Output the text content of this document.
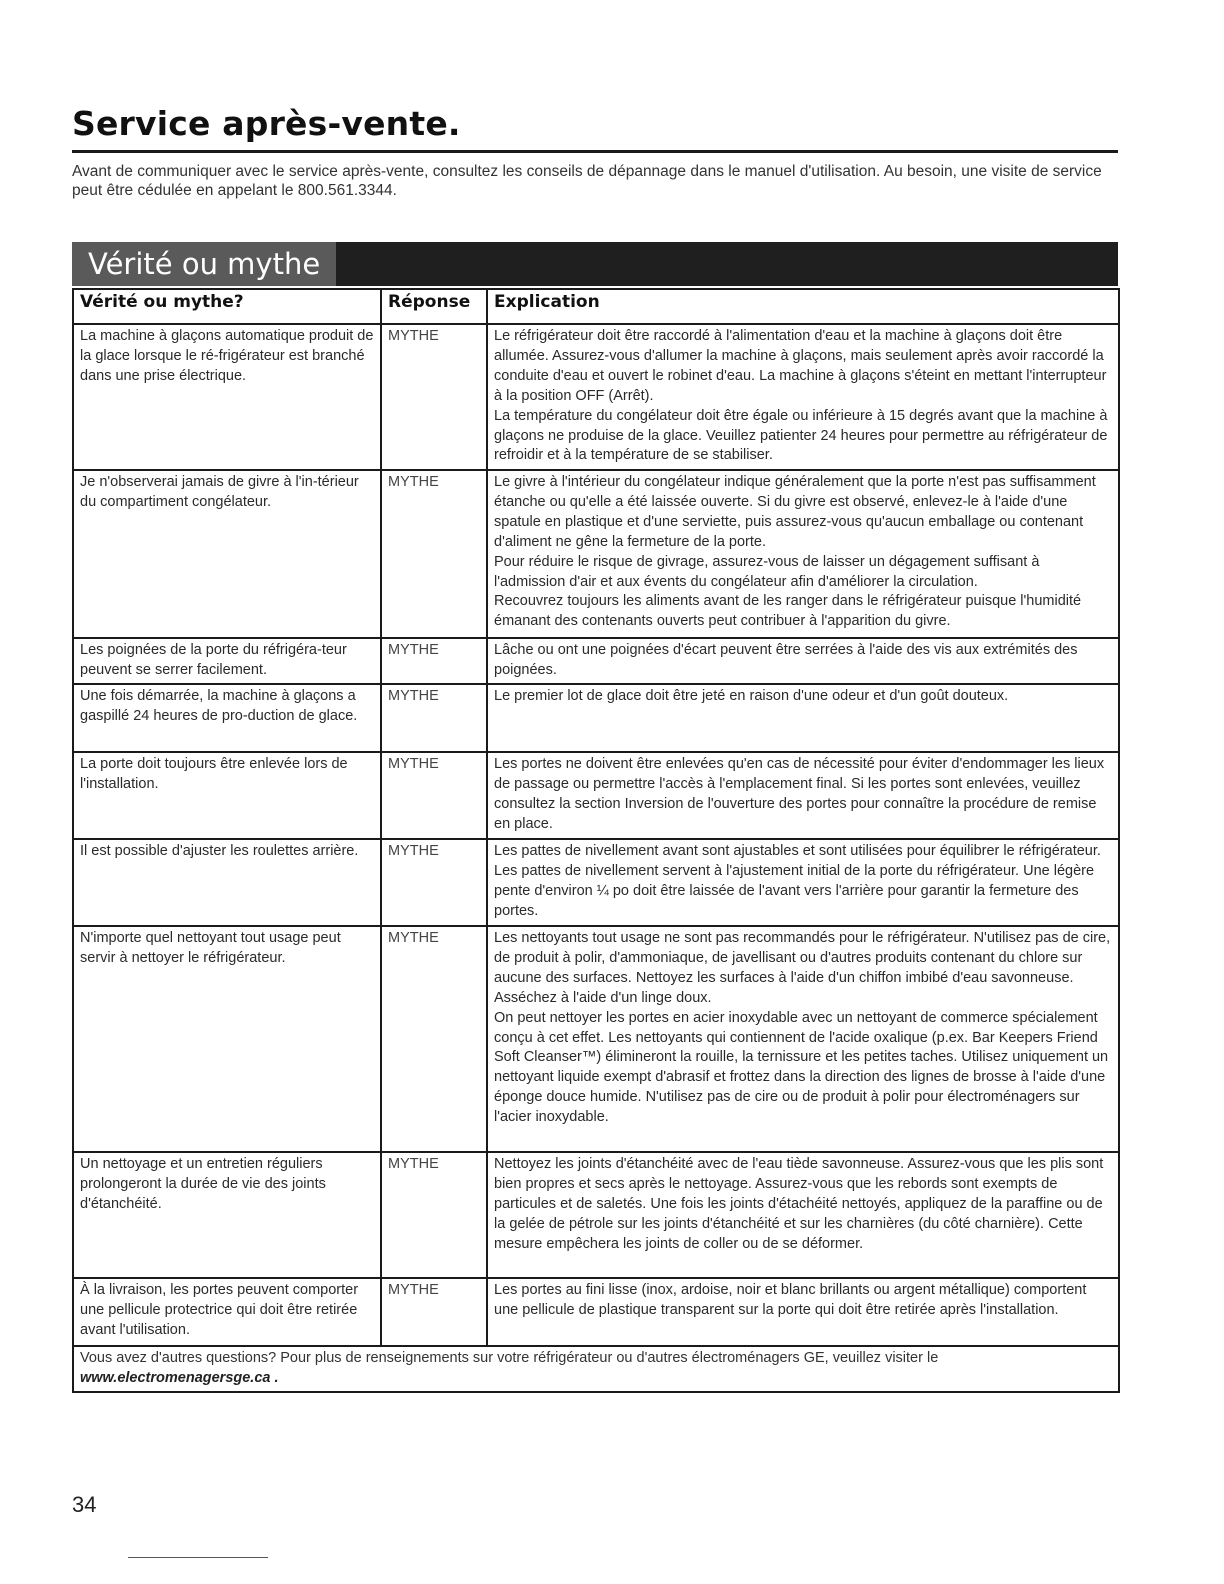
Service après-vente.

Avant de communiquer avec le service après-vente, consultez les conseils de dépannage dans le manuel d'utilisation. Au besoin, une visite de service peut être cédulée en appelant le 800.561.3344.

Vérité ou mythe
Vérité ou mythe?	Réponse	Explication
La machine à glaçons automatique produit de la glace lorsque le ré-frigérateur est branché dans une prise électrique.	MYTHE	Le réfrigérateur doit être raccordé à l'alimentation d'eau et la machine à glaçons doit être allumée. Assurez-vous d'allumer la machine à glaçons, mais seulement après avoir raccordé la conduite d'eau et ouvert le robinet d'eau. La machine à glaçons s'éteint en mettant l'interrupteur à la position OFF (Arrêt).
La température du congélateur doit être égale ou inférieure à 15 degrés avant que la machine à glaçons ne produise de la glace. Veuillez patienter 24 heures pour permettre au réfrigérateur de refroidir et à la température de se stabiliser.

Je n'observerai jamais de givre à l'in-térieur du compartiment congélateur.	MYTHE	Le givre à l'intérieur du congélateur indique généralement que la porte n'est pas suffisamment étanche ou qu'elle a été laissée ouverte. Si du givre est observé, enlevez-le à l'aide d'une spatule en plastique et d'une serviette, puis assurez-vous qu'aucun emballage ou contenant d'aliment ne gêne la fermeture de la porte.
Pour réduire le risque de givrage, assurez-vous de laisser un dégagement suffisant à l'admission d'air et aux évents du congélateur afin d'améliorer la circulation.
Recouvrez toujours les aliments avant de les ranger dans le réfrigérateur puisque l'humidité émanant des contenants ouverts peut contribuer à l'apparition du givre.

Les poignées de la porte du réfrigéra-teur peuvent se serrer facilement.	MYTHE	Lâche ou ont une poignées d'écart peuvent être serrées à l'aide des vis aux extrémités des poignées.

Une fois démarrée, la machine à glaçons a gaspillé 24 heures de pro-duction de glace.	MYTHE	Le premier lot de glace doit être jeté en raison d'une odeur et d'un goût douteux.

La porte doit toujours être enlevée lors de l'installation.	MYTHE	Les portes ne doivent être enlevées qu'en cas de nécessité pour éviter d'endommager les lieux de passage ou permettre l'accès à l'emplacement final. Si les portes sont enlevées, veuillez consultez la section Inversion de l'ouverture des portes pour connaître la procédure de remise en place.

Il est possible d'ajuster les roulettes arrière.	MYTHE	Les pattes de nivellement avant sont ajustables et sont utilisées pour équilibrer le réfrigérateur. Les pattes de nivellement servent à l'ajustement initial de la porte du réfrigérateur. Une légère pente d'environ ¼ po doit être laissée de l'avant vers l'arrière pour garantir la fermeture des portes.

N'importe quel nettoyant tout usage peut servir à nettoyer le réfrigérateur.	MYTHE	Les nettoyants tout usage ne sont pas recommandés pour le réfrigérateur. N'utilisez pas de cire, de produit à polir, d'ammoniaque, de javellisant ou d'autres produits contenant du chlore sur aucune des surfaces. Nettoyez les surfaces à l'aide d'un chiffon imbibé d'eau savonneuse. Asséchez à l'aide d'un linge doux.
On peut nettoyer les portes en acier inoxydable avec un nettoyant de commerce spécialement conçu à cet effet. Les nettoyants qui contiennent de l'acide oxalique (p.ex. Bar Keepers Friend Soft Cleanser™) élimineront la rouille, la ternissure et les petites taches. Utilisez uniquement un nettoyant liquide exempt d'abrasif et frottez dans la direction des lignes de brosse à l'aide d'une éponge douce humide. N'utilisez pas de cire ou de produit à polir pour électroménagers sur l'acier inoxydable.

Un nettoyage et un entretien réguliers prolongeront la durée de vie des joints d'étanchéité.	MYTHE	Nettoyez les joints d'étanchéité avec de l'eau tiède savonneuse. Assurez-vous que les plis sont bien propres et secs après le nettoyage. Assurez-vous que les rebords sont exempts de particules et de saletés. Une fois les joints d'étachéité nettoyés, appliquez de la paraffine ou de la gelée de pétrole sur les joints d'étanchéité et sur les charnières (du côté charnière). Cette mesure empêchera les joints de coller ou de se déformer.

À la livraison, les portes peuvent comporter une pellicule protectrice qui doit être retirée avant l'utilisation.	MYTHE	Les portes au fini lisse (inox, ardoise, noir et blanc brillants ou argent métallique) comportent une pellicule de plastique transparent sur la porte qui doit être retirée après l'installation.

Vous avez d'autres questions? Pour plus de renseignements sur votre réfrigérateur ou d'autres électroménagers GE, veuillez visiter le
www.electromenagersge.ca .		
34
